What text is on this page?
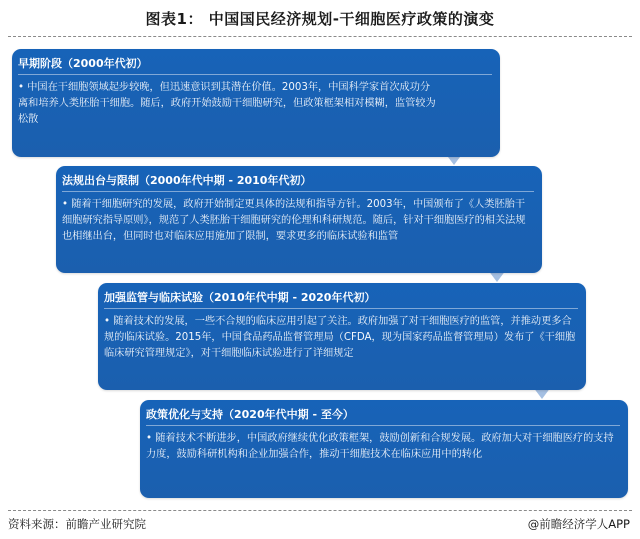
图表1： 中国国民经济规划-干细胞医疗政策的演变
早期阶段（2000年代初）

• 中国在干细胞领域起步较晚，但迅速意识到其潜在价值。2003年，中国科学家首次成功分离和培养人类胚胎干细胞。随后，政府开始鼓励干细胞研究，但政策框架相对模糊，监管较为松散

法规出台与限制（2000年代中期 - 2010年代初）

• 随着干细胞研究的发展，政府开始制定更具体的法规和指导方针。2003年，中国颁布了《人类胚胎干细胞研究指导原则》，规范了人类胚胎干细胞研究的伦理和科研规范。随后，针对干细胞医疗的相关法规也相继出台，但同时也对临床应用施加了限制，要求更多的临床试验和监管

加强监管与临床试验（2010年代中期 - 2020年代初）

• 随着技术的发展，一些不合规的临床应用引起了关注。政府加强了对干细胞医疗的监管，并推动更多合规的临床试验。2015年，中国食品药品监督管理局（CFDA，现为国家药品监督管理局）发布了《干细胞临床研究管理规定》，对干细胞临床试验进行了详细规定

政策优化与支持（2020年代中期 - 至今）

• 随着技术不断进步，中国政府继续优化政策框架，鼓励创新和合规发展。政府加大对干细胞医疗的支持力度，鼓励科研机构和企业加强合作，推动干细胞技术在临床应用中的转化

资料来源：前瞻产业研究院	@前瞻经济学人APP
